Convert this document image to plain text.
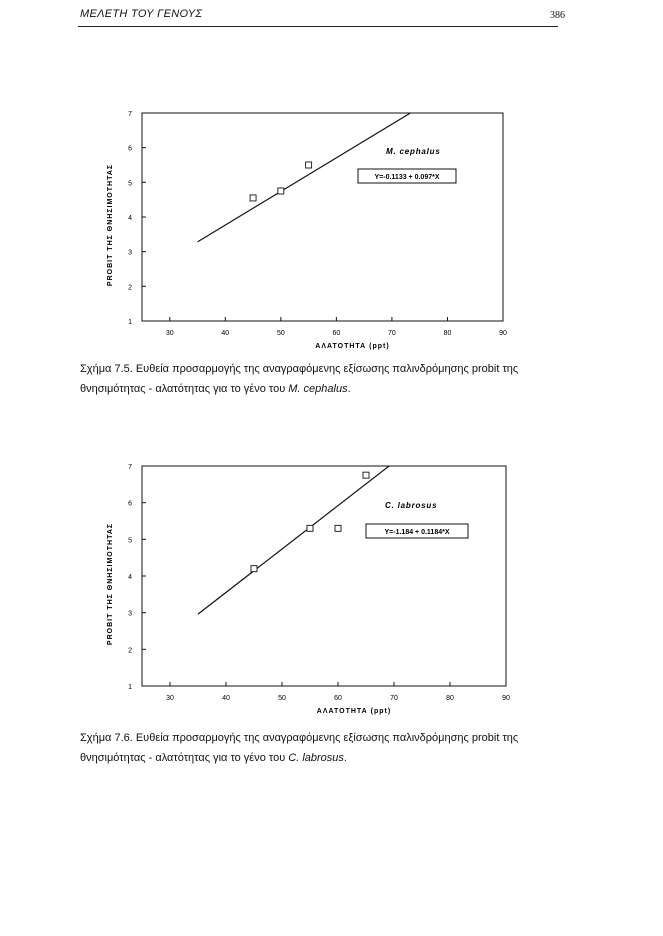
ΜΕΛΕΤΗ ΤΟΥ ΓΕΝΟΥΣ	386
1
2
3
4
5
6
7
30	40	50	60	70	80	90
ΑΛΑΤΟΤΗΤΑ (ppt)
PROBIT ΤΗΣ ΘΝΗΣΙΜΟΤΗΤΑΣ
M. cephalus
Y=-0.1133 + 0.097*X
Σχήμα 7.5. Ευθεία προσαρμογής της αναγραφόμενης εξίσωσης παλινδρόμησης probit της θνησιμότητας - αλατότητας για το γένο του M. cephalus.
1
2
3
4
5
6
7
30	40	50	60	70	80	90
ΑΛΑΤΟΤΗΤΑ (ppt)
PROBIT ΤΗΣ ΘΝΗΣΙΜΟΤΗΤΑΣ
C. labrosus
Y=-1.184 + 0.1184*X
Σχήμα 7.6. Ευθεία προσαρμογής της αναγραφόμενης εξίσωσης παλινδρόμησης probit της θνησιμότητας - αλατότητας για το γένο του C. labrosus.
